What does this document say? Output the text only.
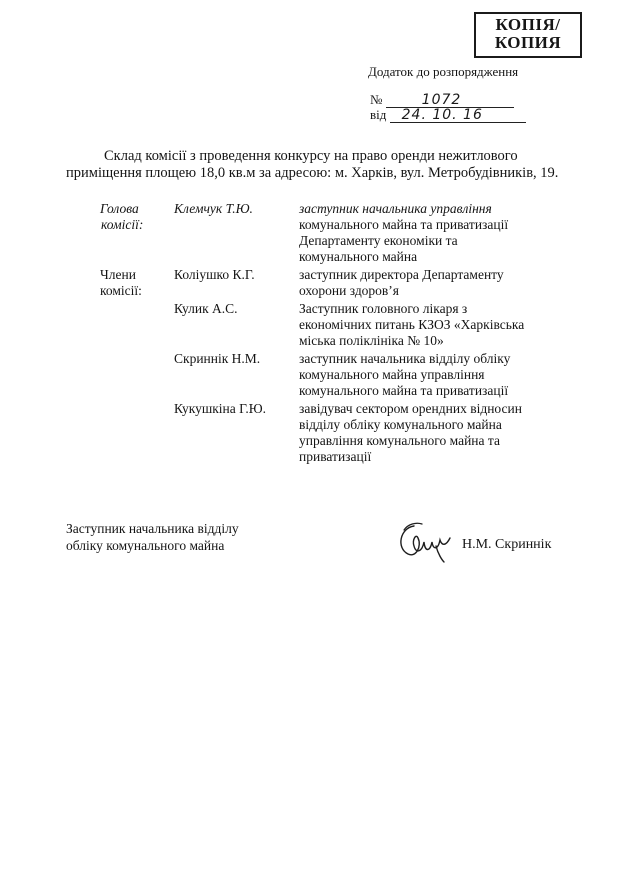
КОПІЯ/
КОПИЯ
Додаток до розпорядження
№	1072
від 24. 10. 16
Склад комісії з проведення конкурсу на право оренди нежитлового
приміщення площею 18,0 кв.м за адресою: м. Харків, вул. Метробудівників, 19.
Голова
комісії:
Клемчук Т.Ю.	заступник начальника управління
комунального майна та приватизації
Департаменту економіки та
комунального майна
Члени
комісії:
Коліушко К.Г.	заступник директора Департаменту
охорони здоров’я
Кулик А.С.	Заступник головного лікаря з
економічних питань КЗОЗ «Харківська
міська поліклініка № 10»
Скриннік Н.М.	заступник начальника відділу обліку
комунального майна управління
комунального майна та приватизації
Кукушкіна Г.Ю. завідувач сектором орендних відносин
відділу обліку комунального майна
управління комунального майна та
приватизації
Заступник начальника відділу
обліку комунального майна	Н.М. Скриннік
